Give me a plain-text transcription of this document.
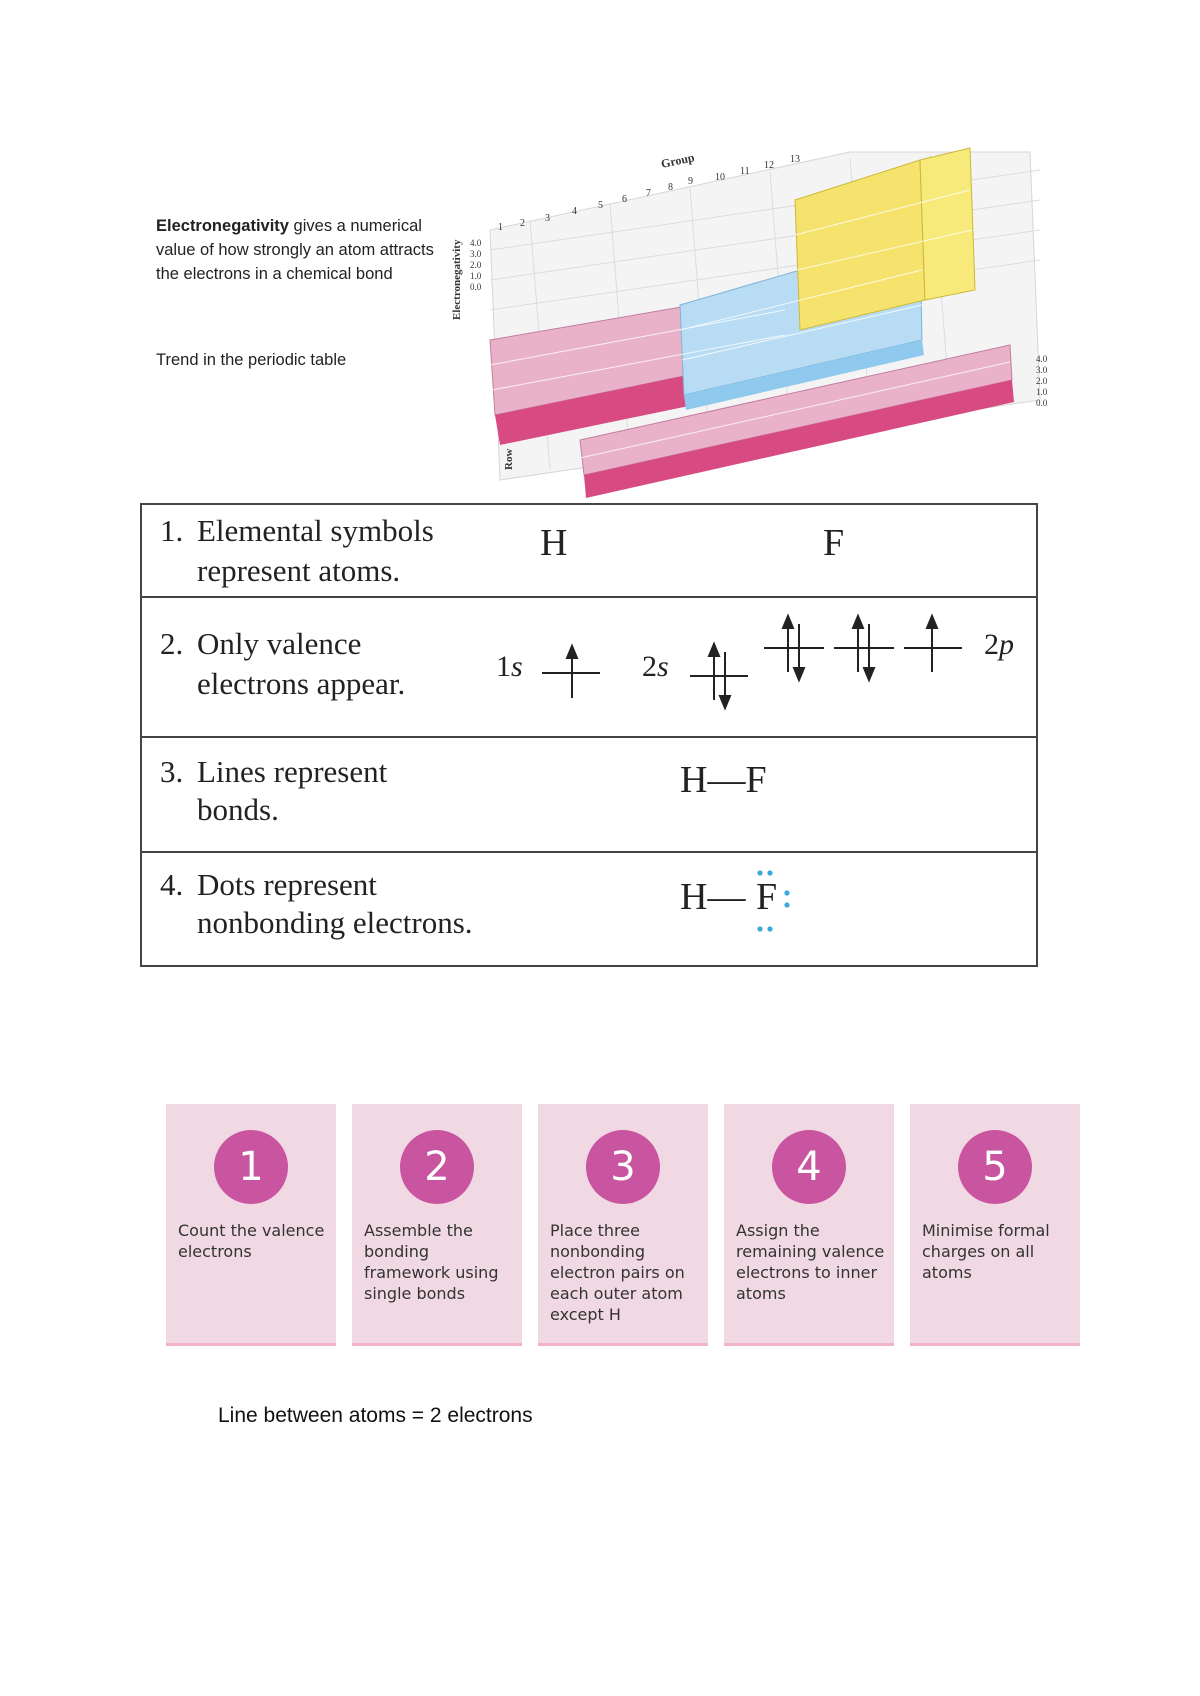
Electronegativity gives a numerical value of how strongly an atom attracts the electrons in a chemical bond
Trend in the periodic table
1 2 3
4
5
6
7
8
9 10
11
12
13
Group
Electronegativity 4.0
3.0
2.0
1.0
0.0
4.0
3.0
2.0
1.0
0.0
Row
1. Elemental symbols
represent atoms.
H	F
2. Only valence
electrons appear.	1s	2s
2p
3. Lines represent
bonds.
H—F
4. Dots represent
nonbonding electrons.
H— F
1
Count the valence electrons
2
Assemble the bonding framework using single bonds
3
Place three nonbonding electron pairs on each outer atom except H
4
Assign the remaining valence electrons to inner atoms
5
Minimise formal charges on all atoms
Line between atoms = 2 electrons
